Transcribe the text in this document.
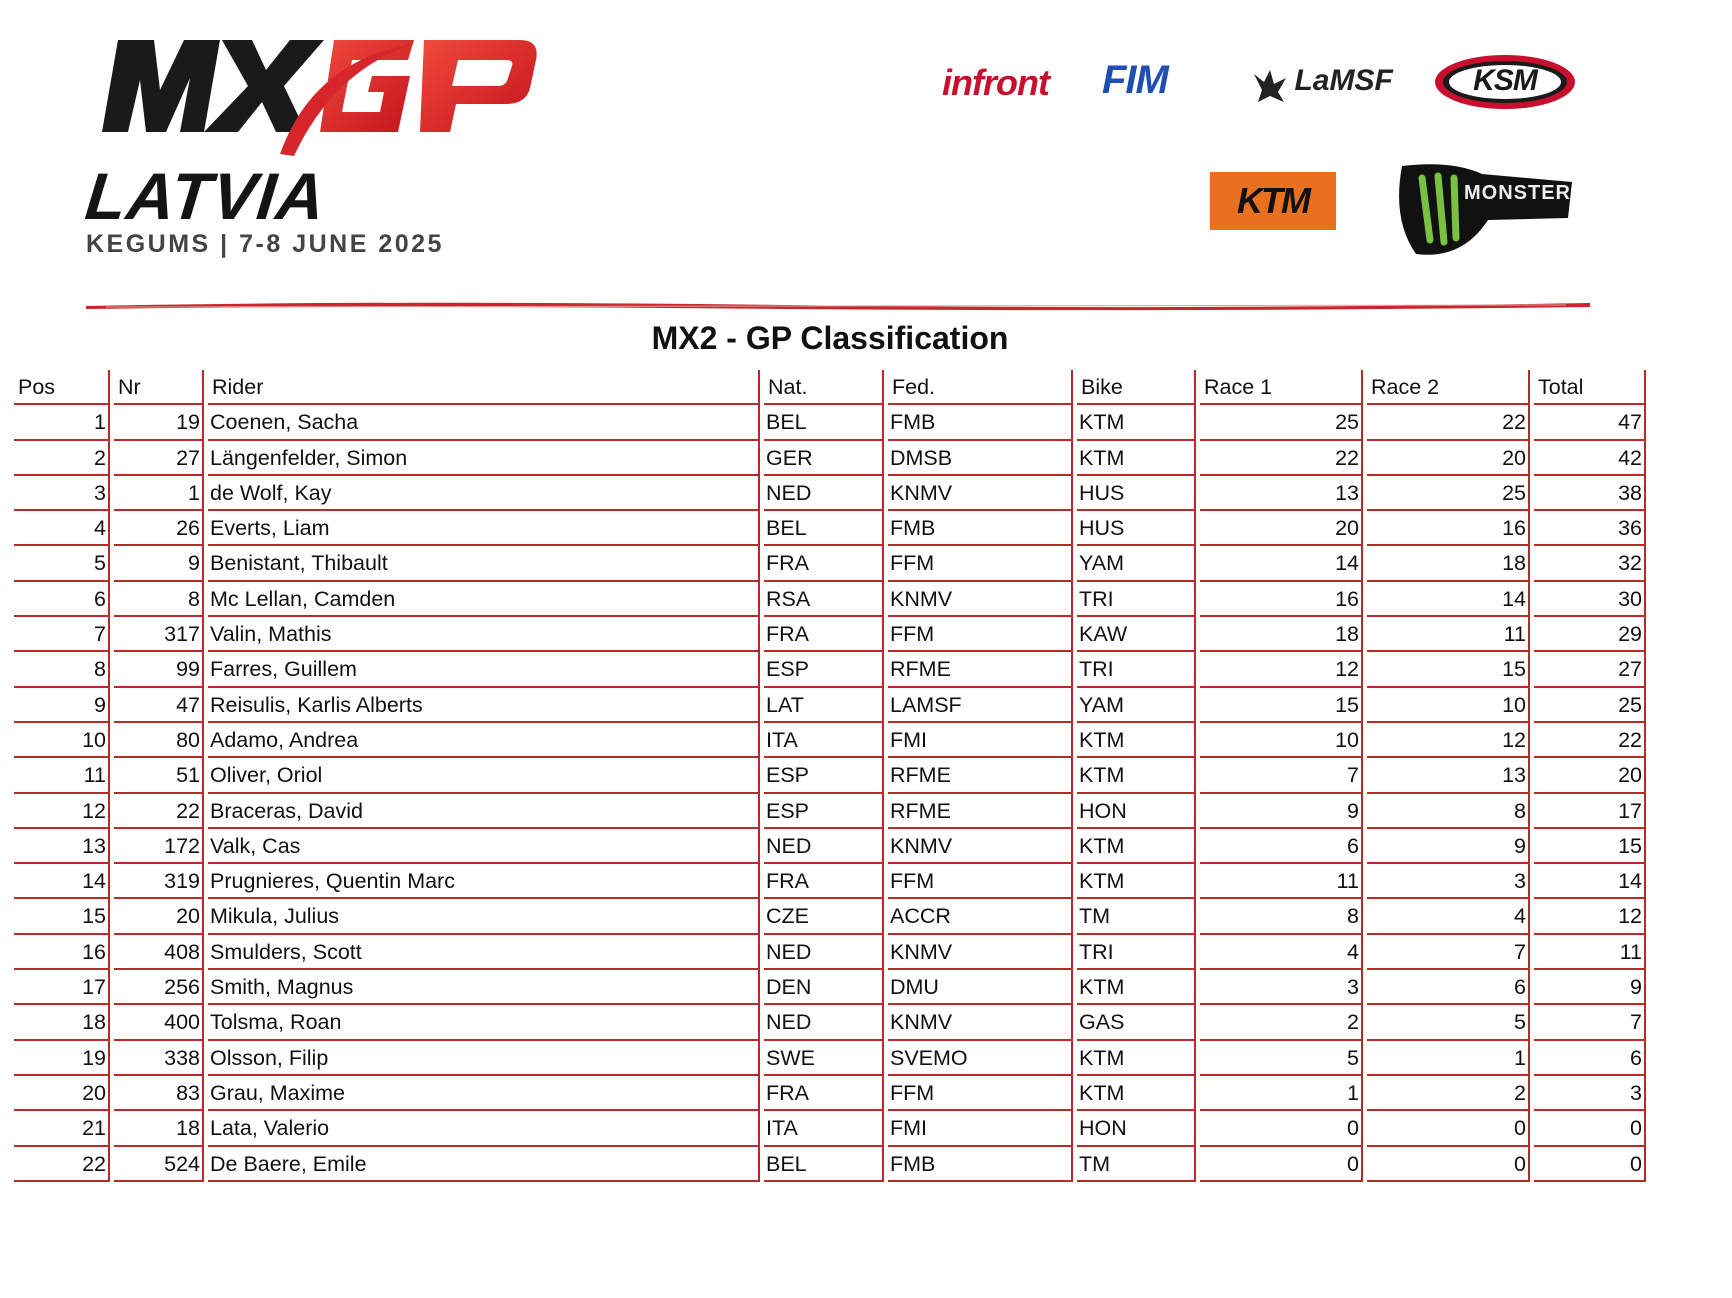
LATVIA
KEGUMS | 7-8 JUNE 2025
infront FIM	LaMSF	KSM
KTM	MONSTER
MX2 - GP Classification
Pos	Nr	Rider	Nat.	Fed.	Bike	Race 1	Race 2	Total
1	19 Coenen, Sacha	BEL	FMB	KTM	25	22	47
2	27 Längenfelder, Simon	GER	DMSB	KTM	22	20	42
3	1 de Wolf, Kay	NED	KNMV	HUS	13	25	38
4	26 Everts, Liam	BEL	FMB	HUS	20	16	36
5	9 Benistant, Thibault	FRA	FFM	YAM	14	18	32
6	8 Mc Lellan, Camden	RSA	KNMV	TRI	16	14	30
7	317 Valin, Mathis	FRA	FFM	KAW	18	11	29
8	99 Farres, Guillem	ESP	RFME	TRI	12	15	27
9	47 Reisulis, Karlis Alberts	LAT	LAMSF	YAM	15	10	25
10	80 Adamo, Andrea	ITA	FMI	KTM	10	12	22
11	51 Oliver, Oriol	ESP	RFME	KTM	7	13	20
12	22 Braceras, David	ESP	RFME	HON	9	8	17
13	172 Valk, Cas	NED	KNMV	KTM	6	9	15
14	319 Prugnieres, Quentin Marc	FRA	FFM	KTM	11	3	14
15	20 Mikula, Julius	CZE	ACCR	TM	8	4	12
16	408 Smulders, Scott	NED	KNMV	TRI	4	7	11
17	256 Smith, Magnus	DEN	DMU	KTM	3	6	9
18	400 Tolsma, Roan	NED	KNMV	GAS	2	5	7
19	338 Olsson, Filip	SWE	SVEMO	KTM	5	1	6
20	83 Grau, Maxime	FRA	FFM	KTM	1	2	3
21	18 Lata, Valerio	ITA	FMI	HON	0	0	0
22	524 De Baere, Emile	BEL	FMB	TM	0	0	0
